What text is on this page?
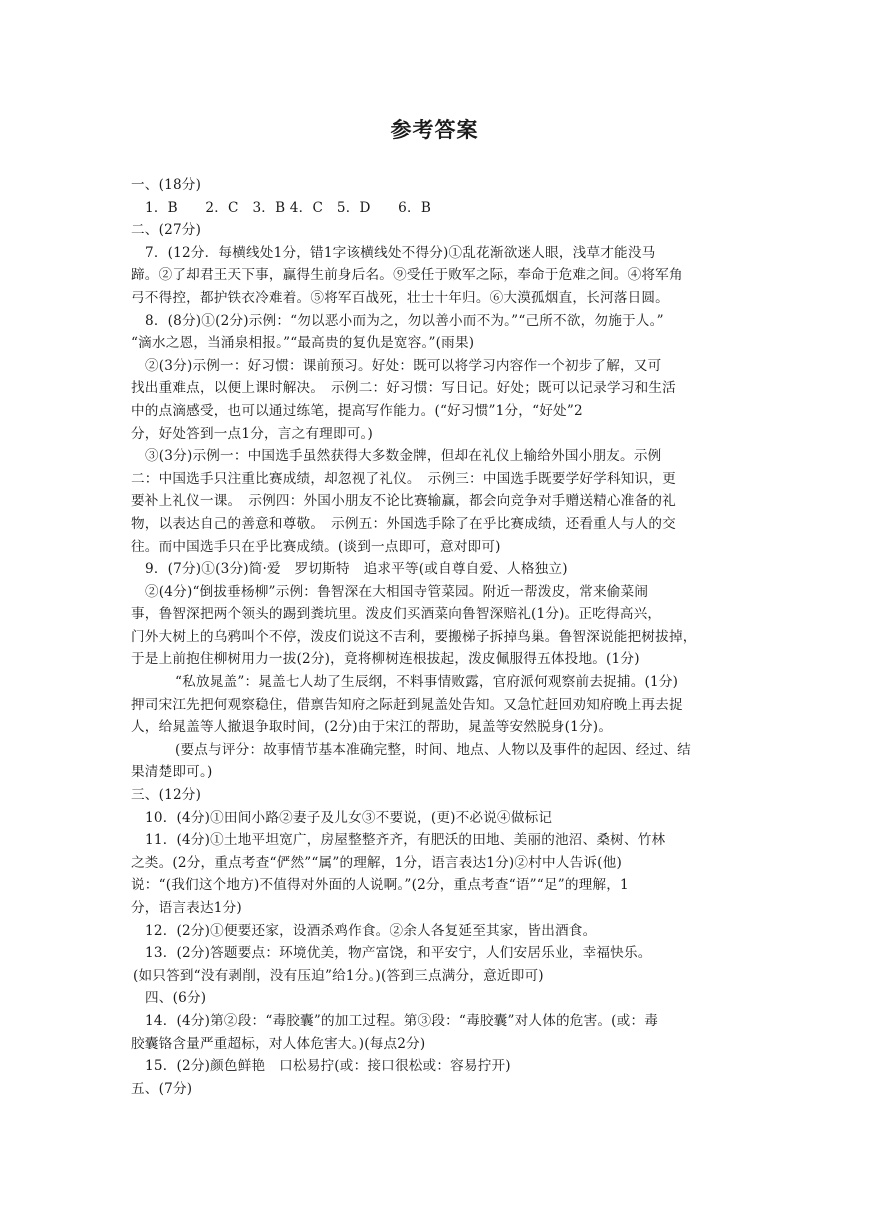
参考答案
一、(18分)
1．B　　2．C　3．B 4．C　5．D　　6．B
二、(27分)
7．(12分．每横线处1分，错1字该横线处不得分)①乱花渐欲迷人眼，浅草才能没马
蹄。②了却君王天下事，赢得生前身后名。⑨受任于败军之际，奉命于危难之间。④将军角
弓不得控，都护铁衣冷难着。⑤将军百战死，壮士十年归。⑥大漠孤烟直，长河落日圆。
8．(8分)①(2分)示例：“勿以恶小而为之，勿以善小而不为。”“己所不欲，勿施于人。”
“滴水之恩，当涌泉相报。”“最高贵的复仇是宽容。”(雨果)
②(3分)示例一：好习惯：课前预习。好处：既可以将学习内容作一个初步了解，又可
找出重难点，以便上课时解决。　示例二：好习惯：写日记。好处；既可以记录学习和生活
中的点滴感受，也可以通过练笔，提高写作能力。(“好习惯”1分，“好处”2
分，好处答到一点1分，言之有理即可。)
③(3分)示例一：中国选手虽然获得大多数金牌，但却在礼仪上输给外国小朋友。示例
二：中国选手只注重比赛成绩，却忽视了礼仪。　示例三：中国选手既要学好学科知识，更
要补上礼仪一课。　示例四：外国小朋友不论比赛输赢，都会向竞争对手赠送精心准备的礼
物，以表达自己的善意和尊敬。　示例五：外国选手除了在乎比赛成绩，还看重人与人的交
往。而中国选手只在乎比赛成绩。(谈到一点即可，意对即可)
9．(7分)①(3分)简·爱　罗切斯特　追求平等(或自尊自爱、人格独立)
②(4分)“倒拔垂杨柳”示例：鲁智深在大相国寺管菜园。附近一帮泼皮，常来偷菜闹
事，鲁智深把两个领头的踢到粪坑里。泼皮们买酒菜向鲁智深赔礼(1分)。正吃得高兴，
门外大树上的乌鸦叫个不停，泼皮们说这不吉利，要搬梯子拆掉鸟巢。鲁智深说能把树拔掉，
于是上前抱住柳树用力一拔(2分)，竟将柳树连根拔起，泼皮佩服得五体投地。(1分)
“私放晁盖”：晁盖七人劫了生辰纲，不料事情败露，官府派何观察前去捉捕。(1分)
押司宋江先把何观察稳住，借禀告知府之际赶到晁盖处告知。又急忙赶回劝知府晚上再去捉
人，给晁盖等人撤退争取时间，(2分)由于宋江的帮助，晁盖等安然脱身(1分)。
(要点与评分：故事情节基本准确完整，时间、地点、人物以及事件的起因、经过、结
果清楚即可。)
三、(12分)
10．(4分)①田间小路②妻子及儿女③不要说，(更)不必说④做标记
11．(4分)①土地平坦宽广，房屋整整齐齐，有肥沃的田地、美丽的池沼、桑树、竹林
之类。(2分，重点考查“俨然”“属”的理解，1分，语言表达1分)②村中人告诉(他)
说：“(我们这个地方)不值得对外面的人说啊。”(2分，重点考查“语”“足”的理解，1
分，语言表达1分)
12．(2分)①便要还家，设酒杀鸡作食。②余人各复延至其家，皆出酒食。
13．(2分)答题要点：环境优美，物产富饶，和平安宁，人们安居乐业，幸福快乐。
(如只答到“没有剥削，没有压迫”给1分。)(答到三点满分，意近即可)
四、(6分)
14．(4分)第②段：“毒胶囊”的加工过程。第③段：“毒胶囊”对人体的危害。(或：毒
胶囊铬含量严重超标，对人体危害大。)(每点2分)
15．(2分)颜色鲜艳　口松易拧(或：接口很松或：容易拧开)
五、(7分)
